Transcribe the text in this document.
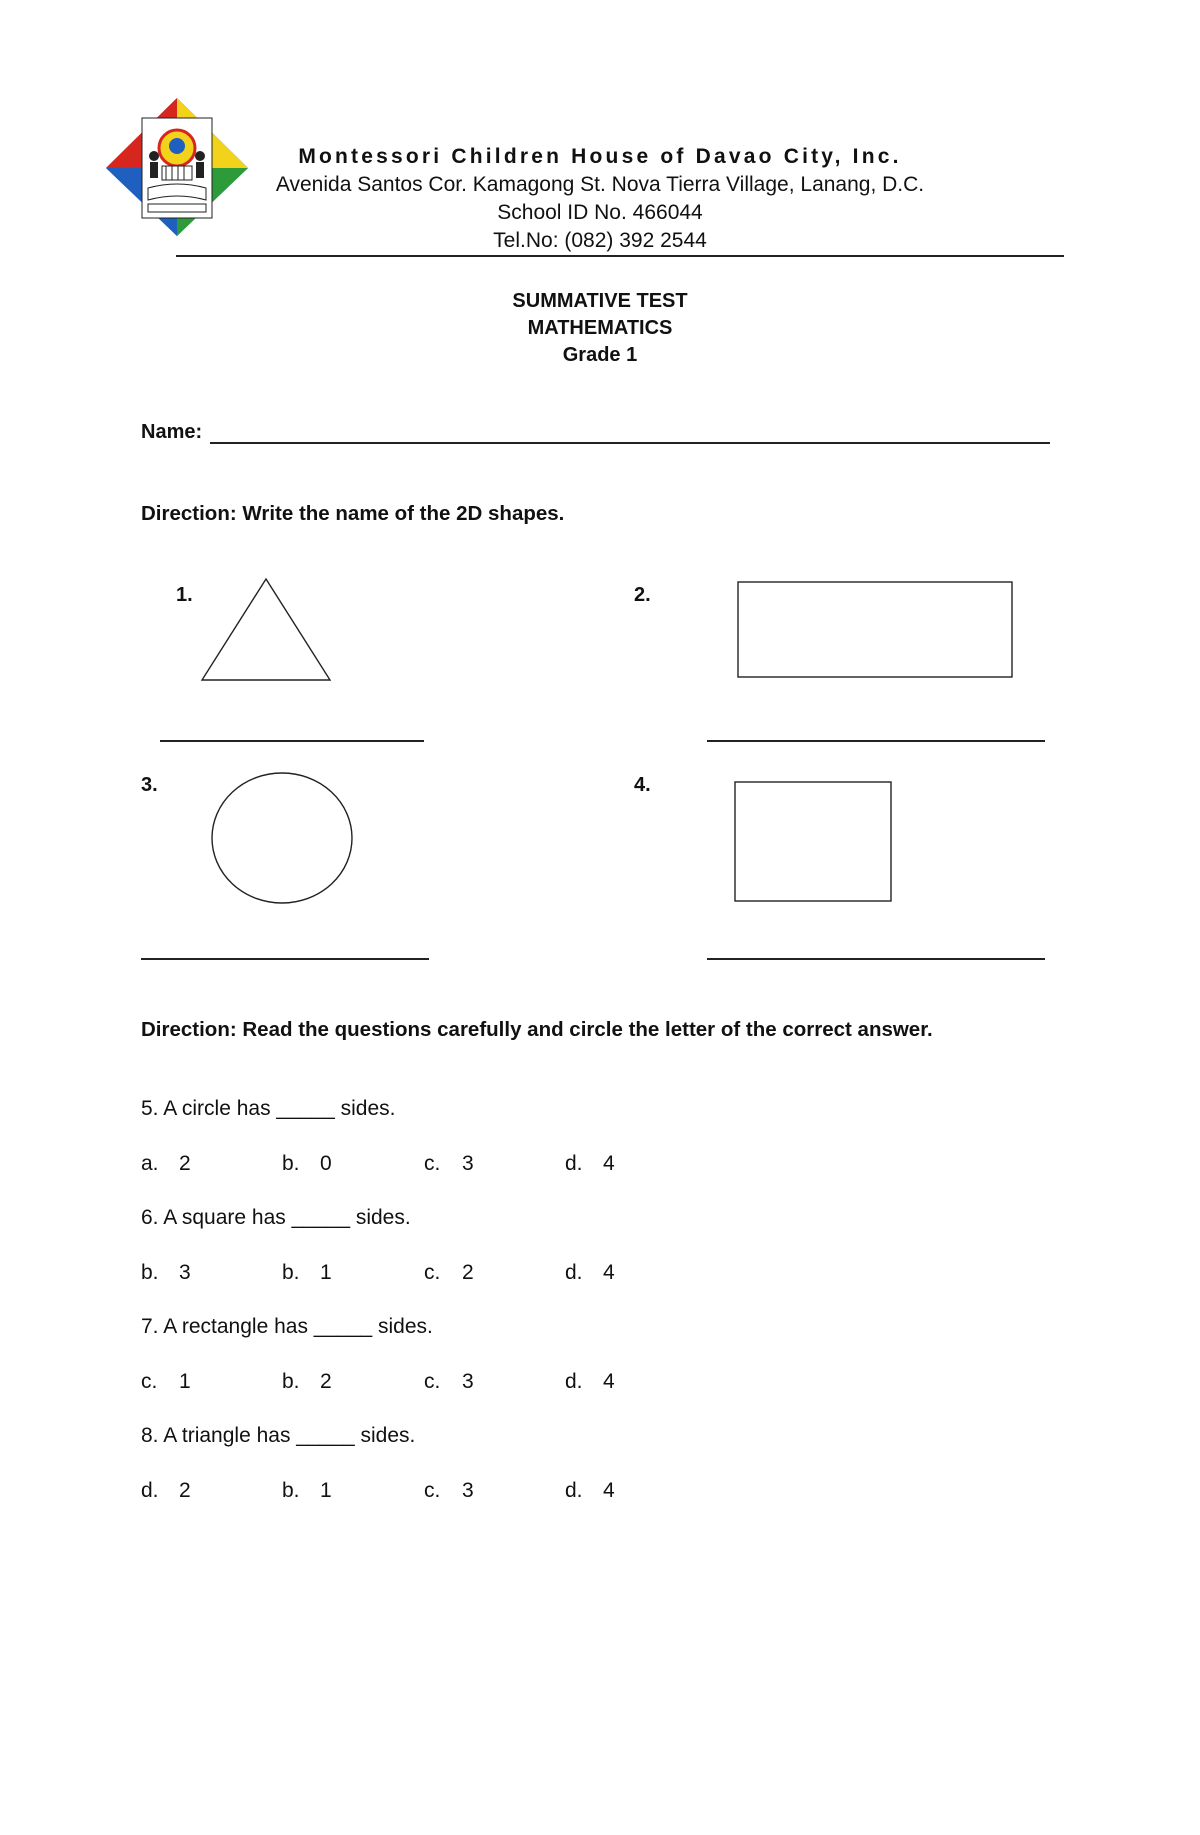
Montessori Children House of Davao City, Inc.
Avenida Santos Cor. Kamagong St. Nova Tierra Village, Lanang, D.C.
School ID No. 466044
Tel.No: (082) 392 2544
SUMMATIVE TEST
MATHEMATICS
Grade 1
Name:
Direction: Write the name of the 2D shapes.
1.	2.
3.	4.
Direction: Read the questions carefully and circle the letter of the correct answer.
5. A circle has _____ sides.
a. 2	b. 0	c. 3	d. 4
6. A square has _____ sides.
b. 3	b. 1	c. 2	d. 4
7. A rectangle has _____ sides.
c. 1	b. 2	c. 3	d. 4
8. A triangle has _____ sides.
d. 2	b. 1	c. 3	d. 4
